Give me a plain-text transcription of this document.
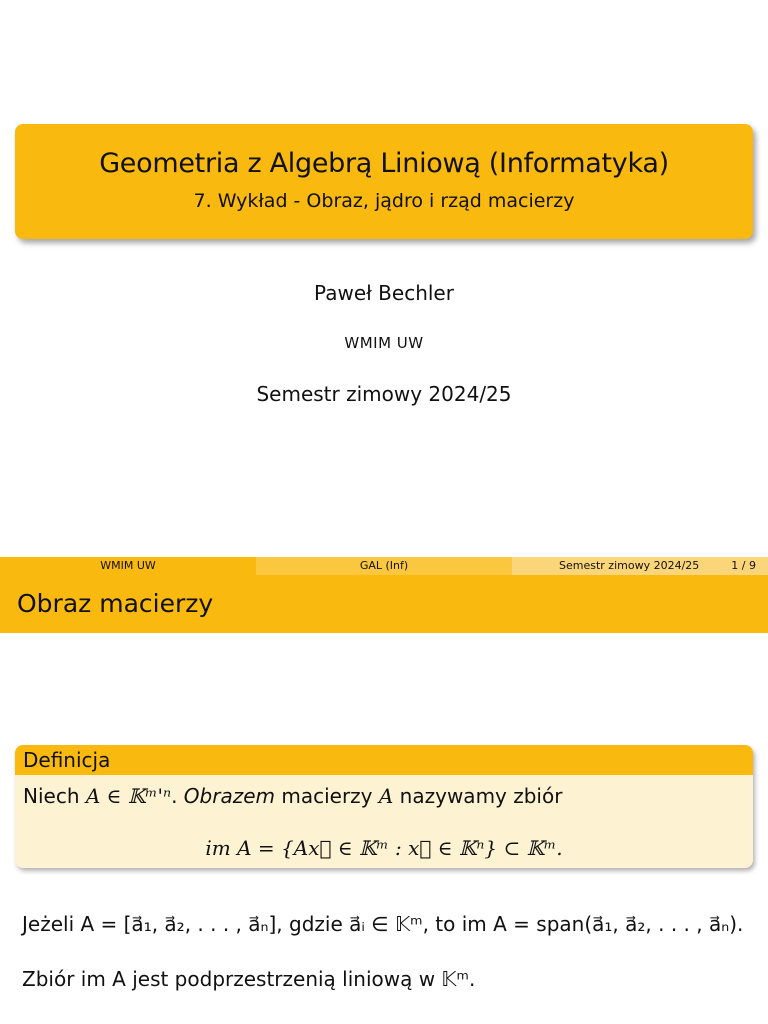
Geometria z Algebrą Liniową (Informatyka)
7. Wykład - Obraz, jądro i rząd macierzy
Paweł Bechler
WMIM UW
Semestr zimowy 2024/25
WMIM UW	GAL (Inf)	Semestr zimowy 2024/25	1 / 9
Obraz macierzy
Definicja
Niech A ∈ 𝕂ᵐ'ⁿ. Obrazem macierzy A nazywamy zbiór
im A = {Ax⃗ ∈ 𝕂ᵐ : x⃗ ∈ 𝕂ⁿ} ⊂ 𝕂ᵐ.
Jeżeli A = [a⃗₁, a⃗₂, . . . , a⃗ₙ], gdzie a⃗ᵢ ∈ 𝕂ᵐ, to im A = span(a⃗₁, a⃗₂, . . . , a⃗ₙ).
Zbiór im A jest podprzestrzenią liniową w 𝕂ᵐ.
